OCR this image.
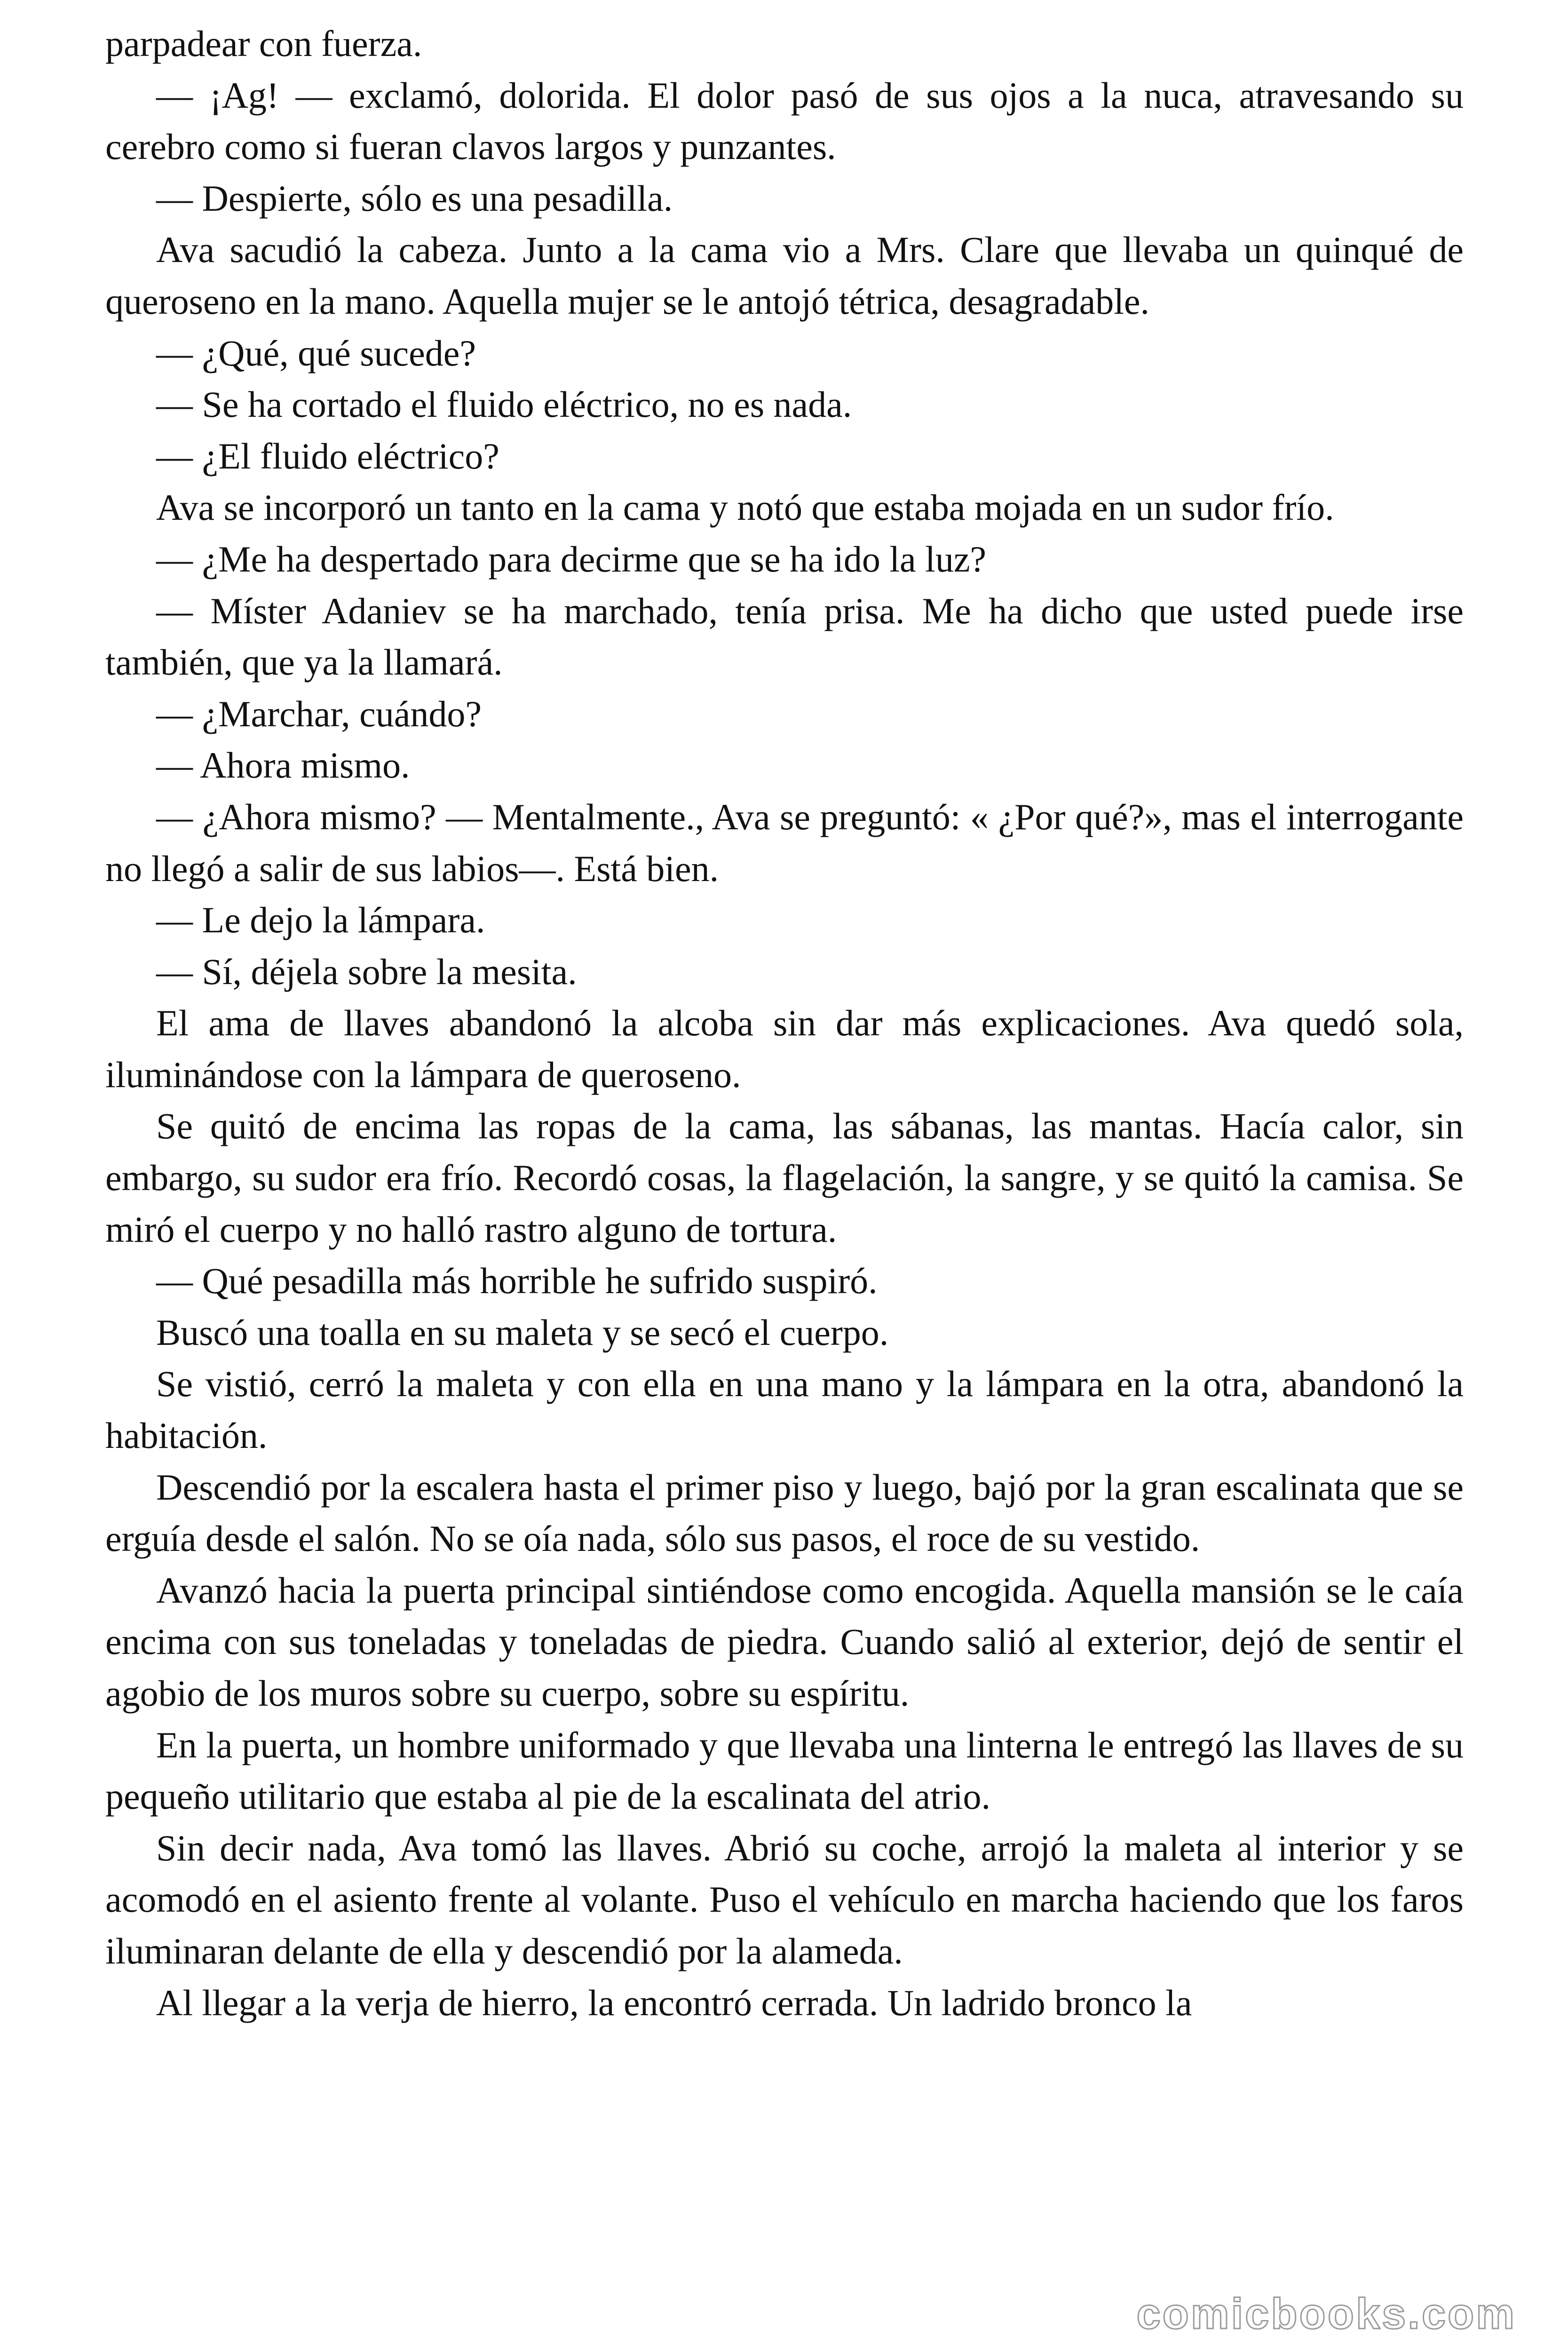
parpadear con fuerza.

— ¡Ag! — exclamó, dolorida. El dolor pasó de sus ojos a la nuca, atravesando su cerebro como si fueran clavos largos y punzantes.

— Despierte, sólo es una pesadilla.

Ava sacudió la cabeza. Junto a la cama vio a Mrs. Clare que llevaba un quinqué de queroseno en la mano. Aquella mujer se le antojó tétrica, desagradable.

— ¿Qué, qué sucede?

— Se ha cortado el fluido eléctrico, no es nada.

— ¿El fluido eléctrico?

Ava se incorporó un tanto en la cama y notó que estaba mojada en un sudor frío.

— ¿Me ha despertado para decirme que se ha ido la luz?

— Míster Adaniev se ha marchado, tenía prisa. Me ha dicho que usted puede irse también, que ya la llamará.

— ¿Marchar, cuándo?

— Ahora mismo.

— ¿Ahora mismo? — Mentalmente., Ava se preguntó: « ¿Por qué?», mas el interrogante no llegó a salir de sus labios—. Está bien.

— Le dejo la lámpara.

— Sí, déjela sobre la mesita.

El ama de llaves abandonó la alcoba sin dar más explicaciones. Ava quedó sola, iluminándose con la lámpara de queroseno.

Se quitó de encima las ropas de la cama, las sábanas, las mantas. Hacía calor, sin embargo, su sudor era frío. Recordó cosas, la flagelación, la sangre, y se quitó la camisa. Se miró el cuerpo y no halló rastro alguno de tortura.

— Qué pesadilla más horrible he sufrido suspiró.

Buscó una toalla en su maleta y se secó el cuerpo.

Se vistió, cerró la maleta y con ella en una mano y la lámpara en la otra, abandonó la habitación.

Descendió por la escalera hasta el primer piso y luego, bajó por la gran escalinata que se erguía desde el salón. No se oía nada, sólo sus pasos, el roce de su vestido.

Avanzó hacia la puerta principal sintiéndose como encogida. Aquella mansión se le caía encima con sus toneladas y toneladas de piedra. Cuando salió al exterior, dejó de sentir el agobio de los muros sobre su cuerpo, sobre su espíritu.

En la puerta, un hombre uniformado y que llevaba una linterna le entregó las llaves de su pequeño utilitario que estaba al pie de la escalinata del atrio.

Sin decir nada, Ava tomó las llaves. Abrió su coche, arrojó la maleta al interior y se acomodó en el asiento frente al volante. Puso el vehículo en marcha haciendo que los faros iluminaran delante de ella y descendió por la alameda.

Al llegar a la verja de hierro, la encontró cerrada. Un ladrido bronco la

comicbooks.com
